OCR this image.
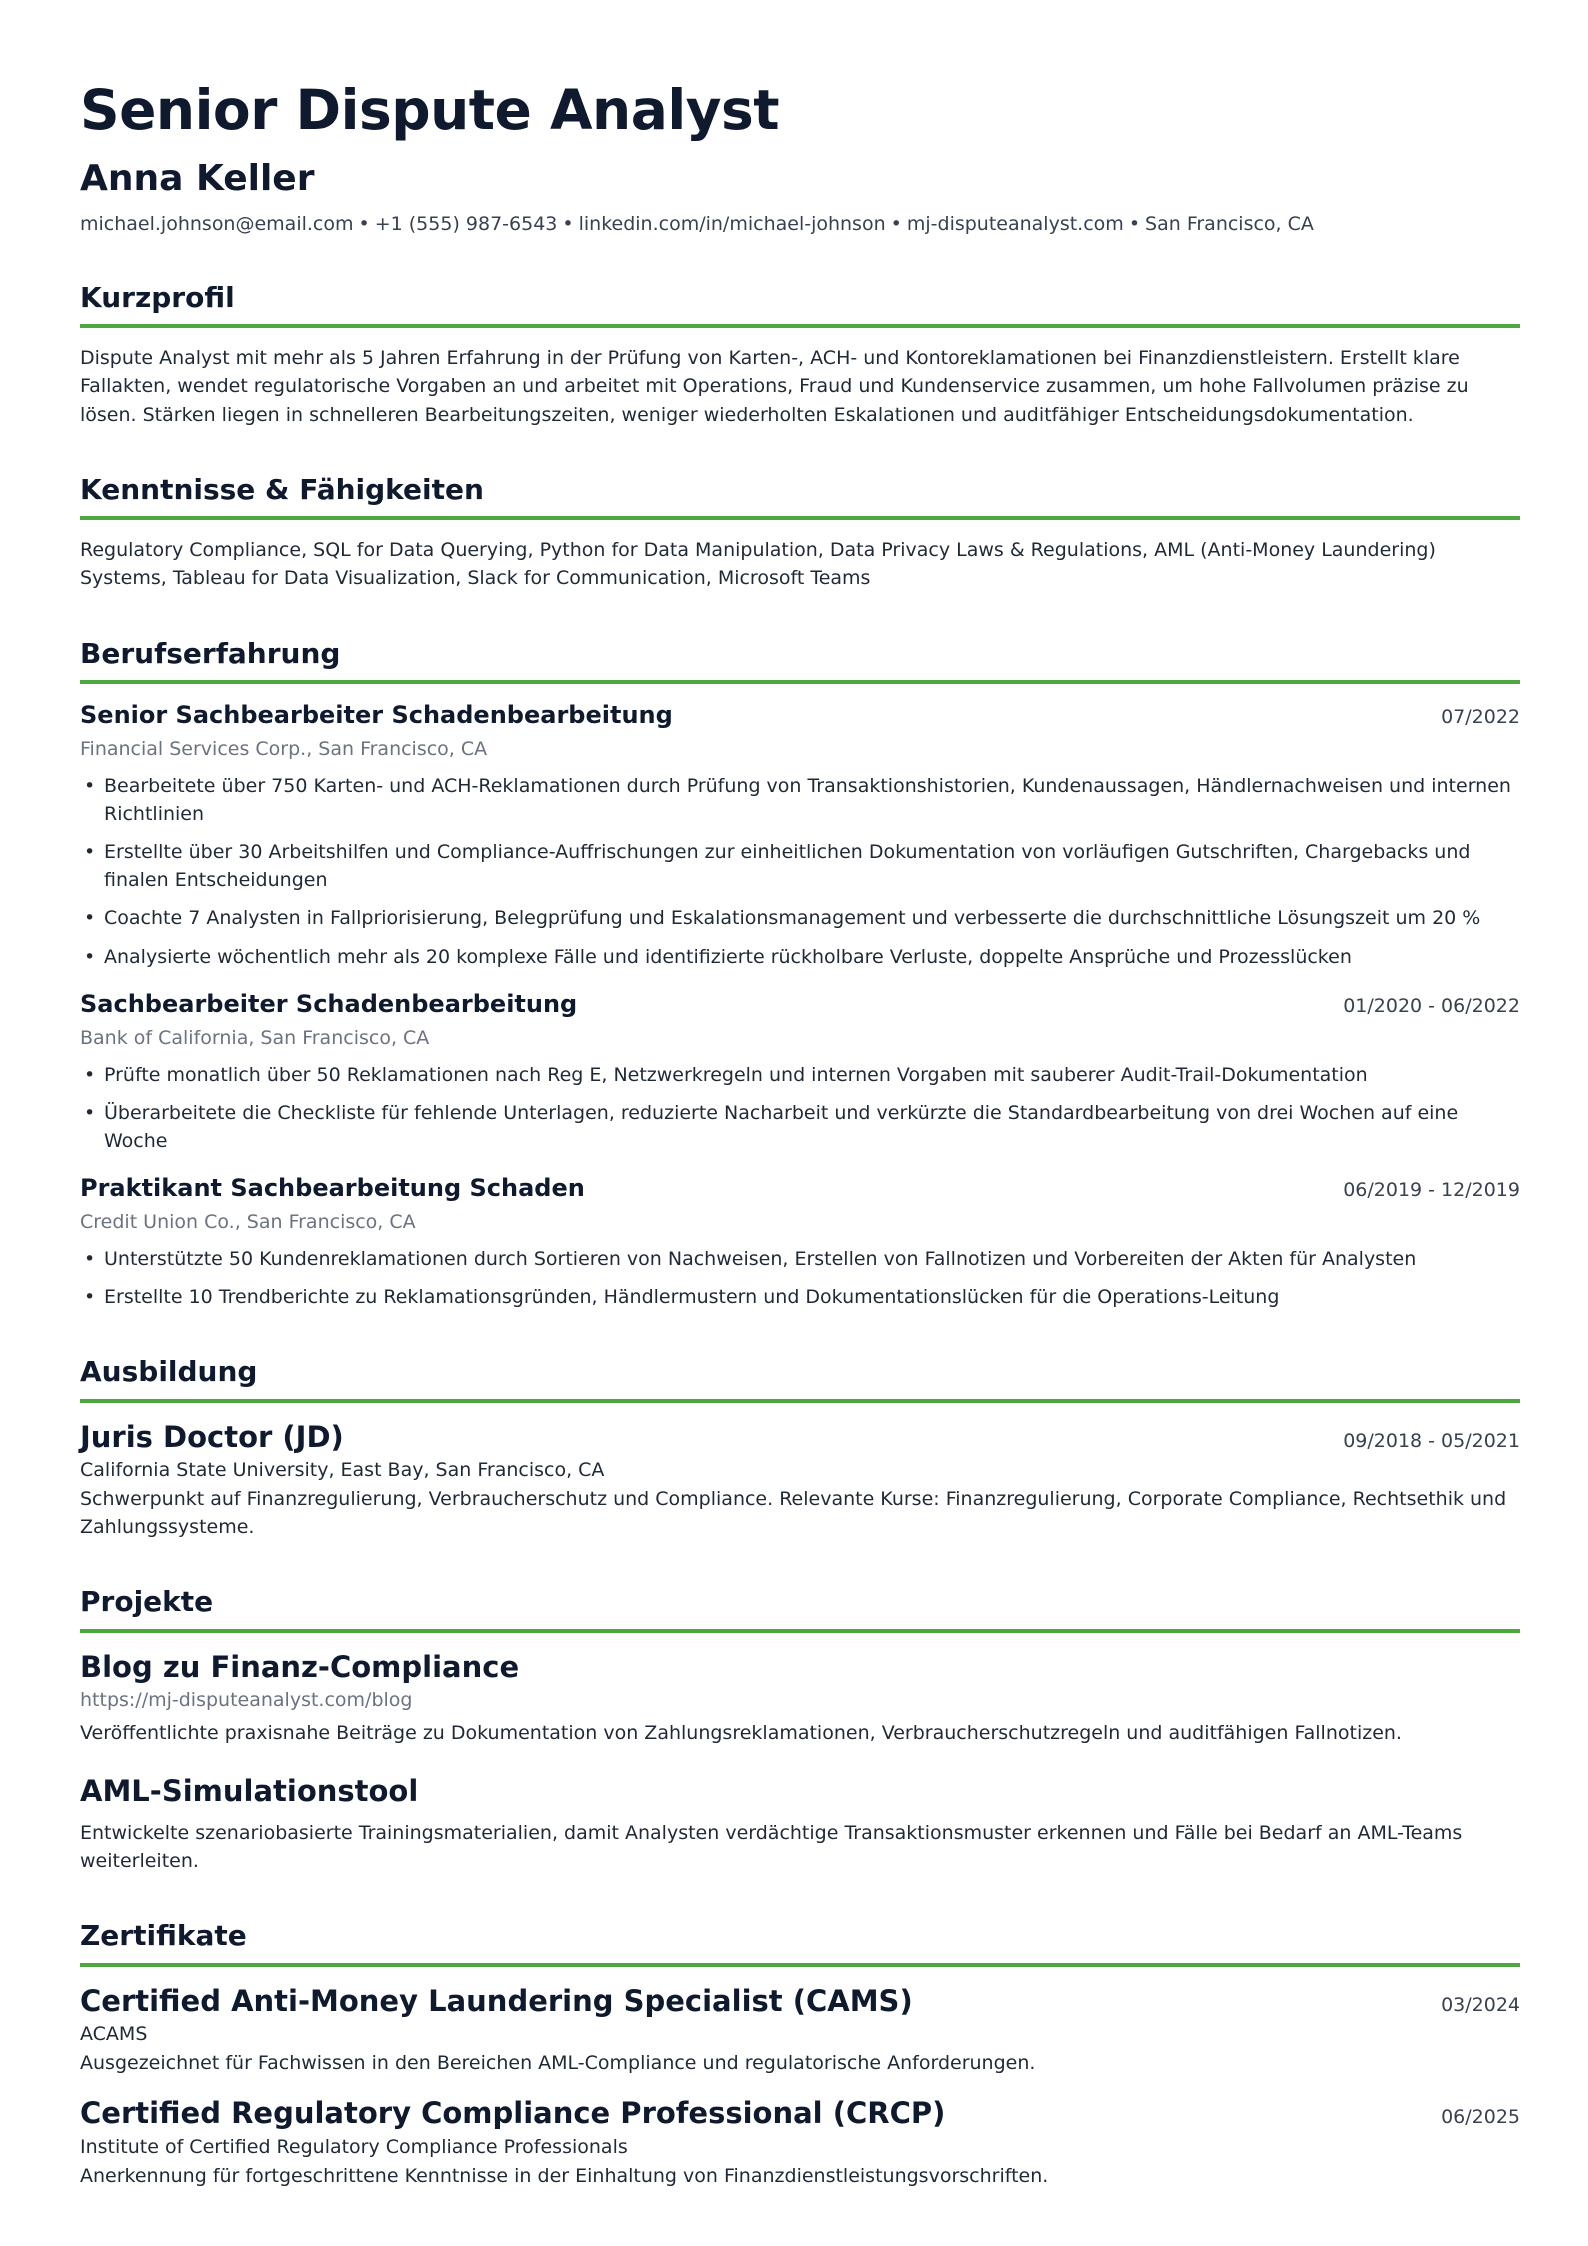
Senior Dispute Analyst
Anna Keller
michael.johnson@email.com • +1 (555) 987-6543 • linkedin.com/in/michael-johnson • mj-disputeanalyst.com • San Francisco, CA
Kurzprofil

Dispute Analyst mit mehr als 5 Jahren Erfahrung in der Prüfung von Karten-, ACH- und Kontoreklamationen bei Finanzdienstleistern. Erstellt klare Fallakten, wendet regulatorische Vorgaben an und arbeitet mit Operations, Fraud und Kundenservice zusammen, um hohe Fallvolumen präzise zu lösen. Stärken liegen in schnelleren Bearbeitungszeiten, weniger wiederholten Eskalationen und auditfähiger Entscheidungsdokumentation.

Kenntnisse & Fähigkeiten

Regulatory Compliance, SQL for Data Querying, Python for Data Manipulation, Data Privacy Laws & Regulations, AML (Anti-Money Laundering) Systems, Tableau for Data Visualization, Slack for Communication, Microsoft Teams

Berufserfahrung
Senior Sachbearbeiter Schadenbearbeitung	07/2022
Financial Services Corp., San Francisco, CA
• Bearbeitete über 750 Karten- und ACH-Reklamationen durch Prüfung von Transaktionshistorien, Kundenaussagen, Händlernachweisen und internen Richtlinien
• Erstellte über 30 Arbeitshilfen und Compliance-Auffrischungen zur einheitlichen Dokumentation von vorläufigen Gutschriften, Chargebacks und finalen Entscheidungen
• Coachte 7 Analysten in Fallpriorisierung, Belegprüfung und Eskalationsmanagement und verbesserte die durchschnittliche Lösungszeit um 20 %
• Analysierte wöchentlich mehr als 20 komplexe Fälle und identifizierte rückholbare Verluste, doppelte Ansprüche und Prozesslücken
Sachbearbeiter Schadenbearbeitung	01/2020 - 06/2022
Bank of California, San Francisco, CA
• Prüfte monatlich über 50 Reklamationen nach Reg E, Netzwerkregeln und internen Vorgaben mit sauberer Audit-Trail-Dokumentation
• Überarbeitete die Checkliste für fehlende Unterlagen, reduzierte Nacharbeit und verkürzte die Standardbearbeitung von drei Wochen auf eine Woche
Praktikant Sachbearbeitung Schaden	06/2019 - 12/2019
Credit Union Co., San Francisco, CA
• Unterstützte 50 Kundenreklamationen durch Sortieren von Nachweisen, Erstellen von Fallnotizen und Vorbereiten der Akten für Analysten
• Erstellte 10 Trendberichte zu Reklamationsgründen, Händlermustern und Dokumentationslücken für die Operations-Leitung
Ausbildung
Juris Doctor (JD)	09/2018 - 05/2021
California State University, East Bay, San Francisco, CA
Schwerpunkt auf Finanzregulierung, Verbraucherschutz und Compliance. Relevante Kurse: Finanzregulierung, Corporate Compliance, Rechtsethik und Zahlungssysteme.
Projekte
Blog zu Finanz-Compliance
https://mj-disputeanalyst.com/blog
Veröffentlichte praxisnahe Beiträge zu Dokumentation von Zahlungsreklamationen, Verbraucherschutzregeln und auditfähigen Fallnotizen.
AML-Simulationstool
Entwickelte szenariobasierte Trainingsmaterialien, damit Analysten verdächtige Transaktionsmuster erkennen und Fälle bei Bedarf an AML-Teams weiterleiten.
Zertifikate
Certified Anti-Money Laundering Specialist (CAMS)	03/2024
ACAMS
Ausgezeichnet für Fachwissen in den Bereichen AML-Compliance und regulatorische Anforderungen.
Certified Regulatory Compliance Professional (CRCP)	06/2025
Institute of Certified Regulatory Compliance Professionals
Anerkennung für fortgeschrittene Kenntnisse in der Einhaltung von Finanzdienstleistungsvorschriften.
